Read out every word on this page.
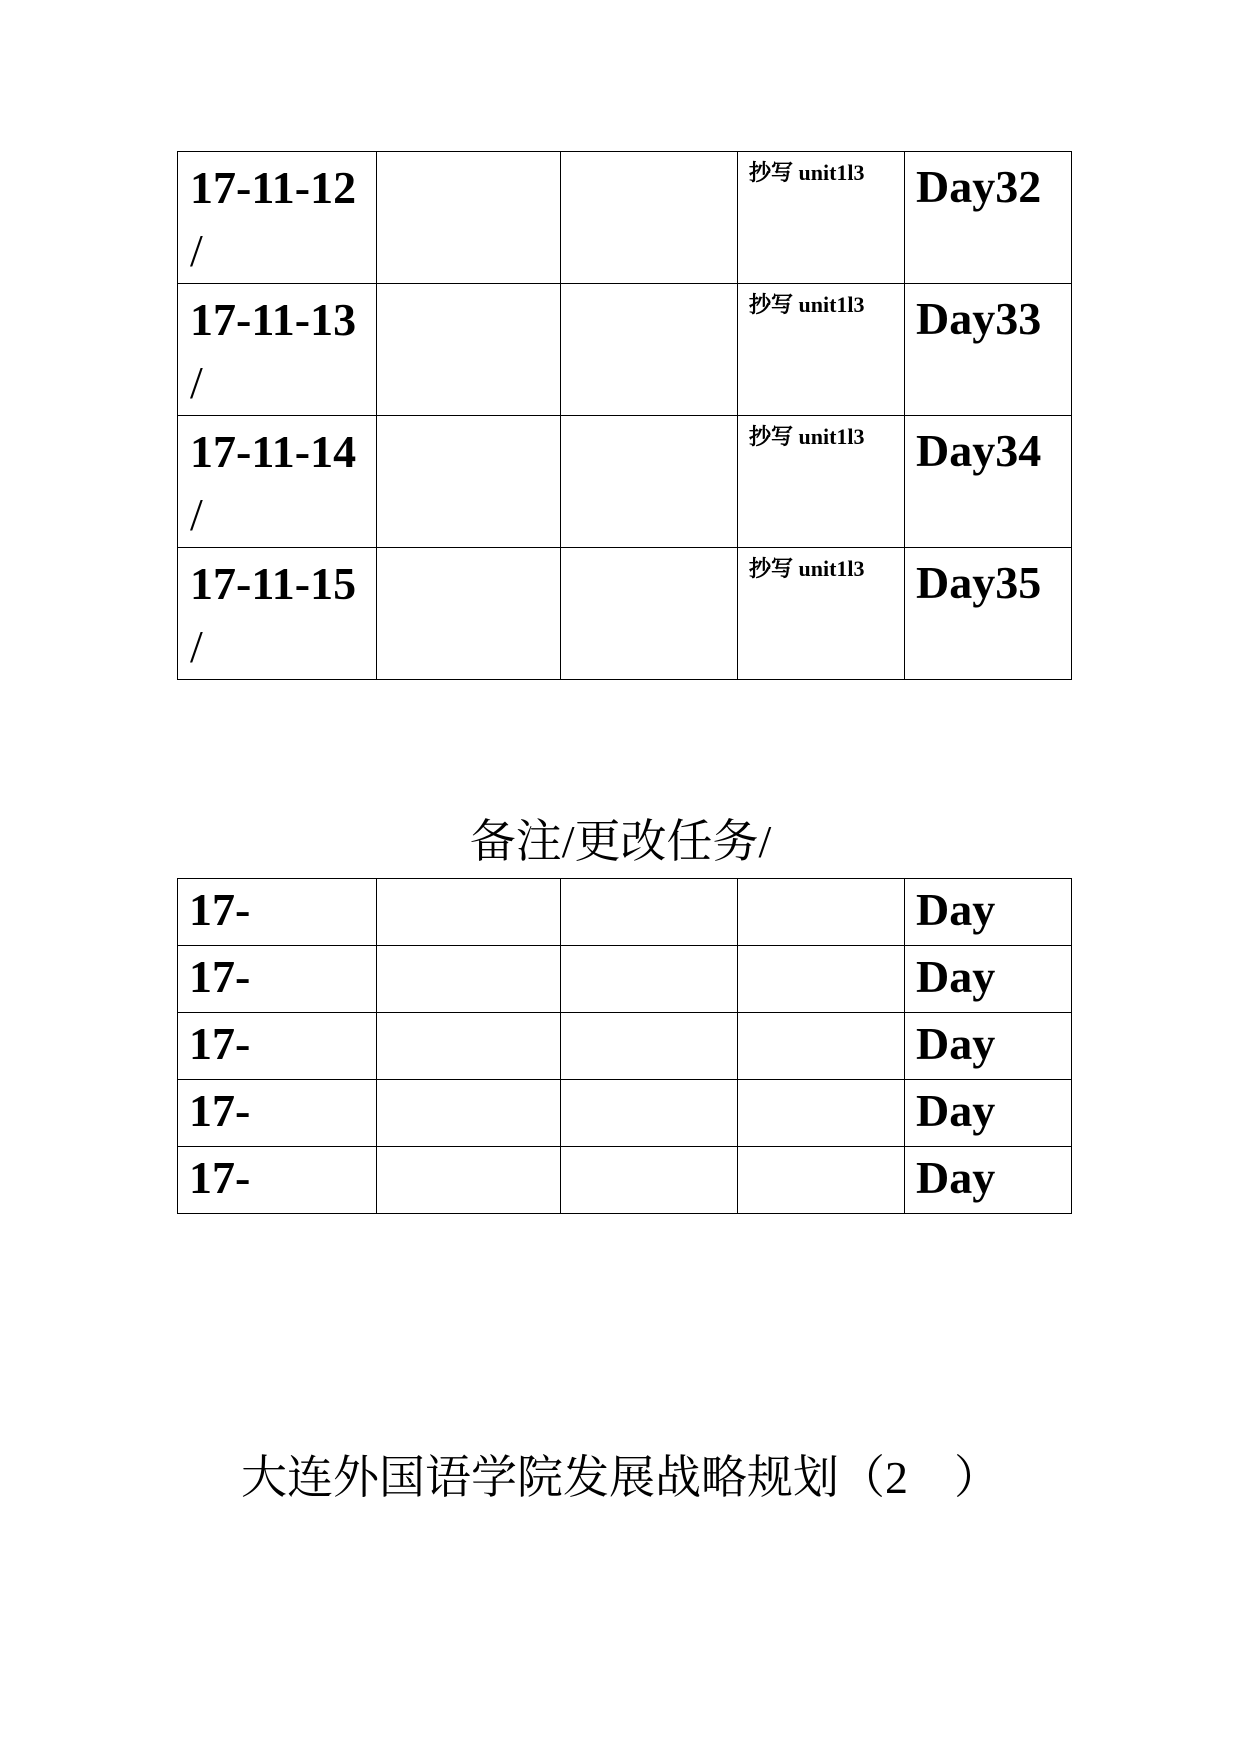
17-11-12
/			抄写 unit1l3	Day32
17-11-13
/			抄写 unit1l3	Day33
17-11-14
/			抄写 unit1l3	Day34
17-11-15
/			抄写 unit1l3	Day35
备注/更改任务/
17-				Day
17-				Day
17-				Day
17-				Day
17-				Day
大连外国语学院发展战略规划（2　）
